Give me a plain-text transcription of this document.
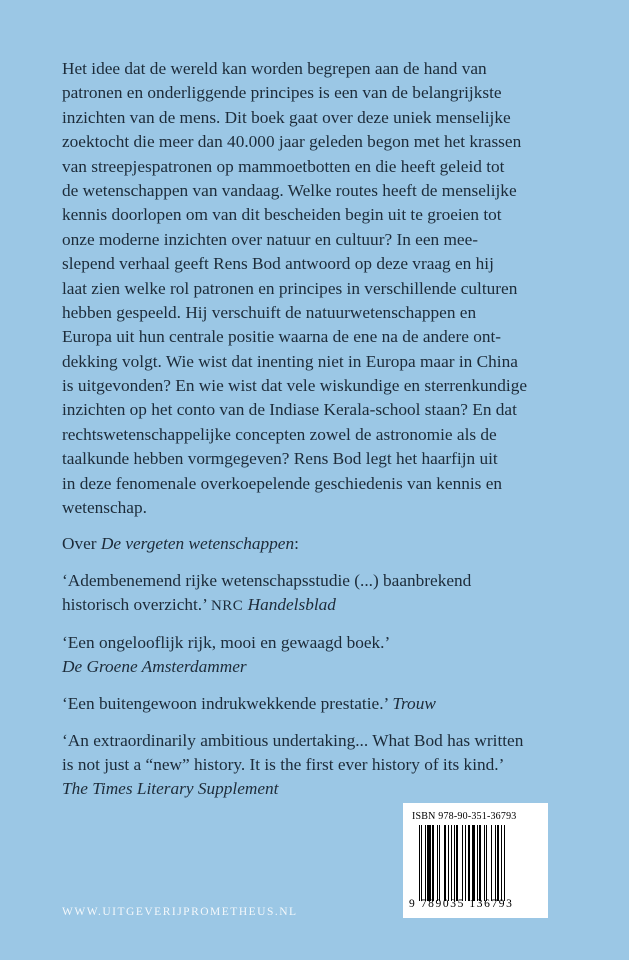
Het idee dat de wereld kan worden begrepen aan de hand van
patronen en onderliggende principes is een van de belangrijkste
inzichten van de mens. Dit boek gaat over deze uniek menselijke
zoektocht die meer dan 40.000 jaar geleden begon met het krassen
van streepjespatronen op mammoetbotten en die heeft geleid tot
de wetenschappen van vandaag. Welke routes heeft de menselijke
kennis doorlopen om van dit bescheiden begin uit te groeien tot
onze moderne inzichten over natuur en cultuur? In een mee-
slepend verhaal geeft Rens Bod antwoord op deze vraag en hij
laat zien welke rol patronen en principes in verschillende culturen
hebben gespeeld. Hij verschuift de natuurwetenschappen en
Europa uit hun centrale positie waarna de ene na de andere ont-
dekking volgt. Wie wist dat inenting niet in Europa maar in China
is uitgevonden? En wie wist dat vele wiskundige en sterrenkundige
inzichten op het conto van de Indiase Kerala-school staan? En dat
rechtswetenschappelijke concepten zowel de astronomie als de
taalkunde hebben vormgegeven? Rens Bod legt het haarfijn uit
in deze fenomenale overkoepelende geschiedenis van kennis en
wetenschap.
Over De vergeten wetenschappen:
‘Adembenemend rijke wetenschapsstudie (...) baanbrekend
historisch overzicht.’ NRC Handelsblad
‘Een ongelooflijk rijk, mooi en gewaagd boek.’
De Groene Amsterdammer
‘Een buitengewoon indrukwekkende prestatie.’ Trouw
‘An extraordinarily ambitious undertaking... What Bod has written
is not just a “new” history. It is the first ever history of its kind.’
The Times Literary Supplement
WWW.UITGEVERIJPROMETHEUS.NL
ISBN 978-90-351-36793
9 789035 136793
